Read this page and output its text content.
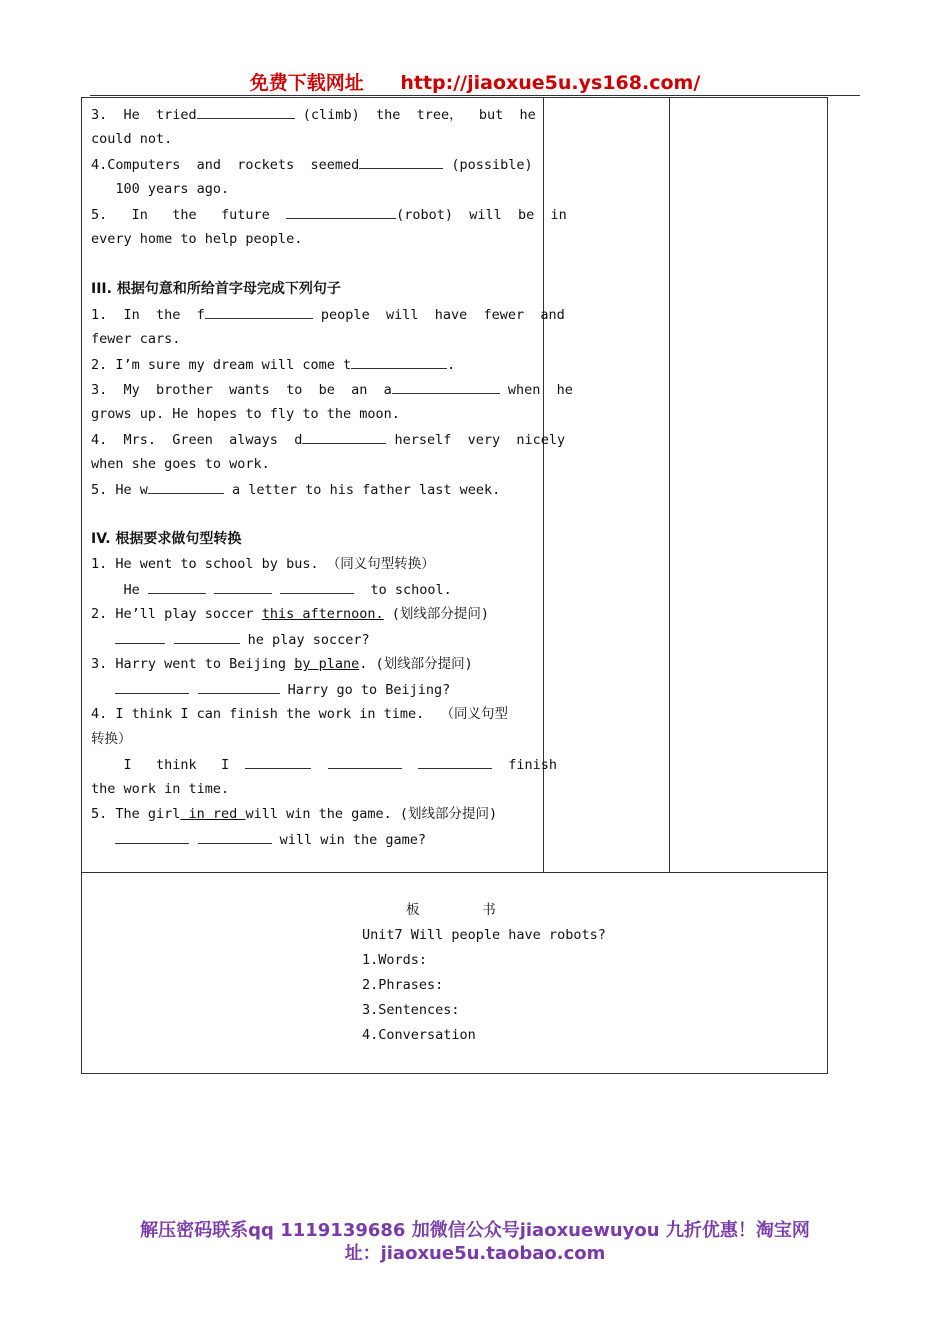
免费下载网址 http://jiaoxue5u.ys168.com/
3.  He  tried	(climb)  the  tree，  but  he
could not.
4.Computers  and  rockets  seemed	(possible)
100 years ago.
5.   In   the   future	(robot)  will  be  in
every home to help people.
III. 根据句意和所给首字母完成下列句子
1.  In  the  f	people  will  have  fewer  and
fewer cars.
2. I’m sure my dream will come t	.
3.  My  brother  wants  to  be  an  a	when  he
grows up. He hopes to fly to the moon.
4.  Mrs.  Green  always  d	herself  very  nicely
when she goes to work.
5. He w	a letter to his father last week.
IV. 根据要求做句型转换
1. He went to school by bus. （同义句型转换）
He	to school.
2. He’ll play soccer this afternoon. (划线部分提问)
he play soccer?
3. Harry went to Beijing by plane. (划线部分提问)
Harry go to Beijing?
4. I think I can finish the work in time.  （同义句型
转换）
I   think   I	finish
the work in time.
5. The girl in red will win the game. (划线部分提问)
will win the game?
板      书
Unit7 Will people have robots?
1.Words:
2.Phrases:
3.Sentences:
4.Conversation
解压密码联系qq 1119139686 加微信公众号jiaoxuewuyou 九折优惠！淘宝网
址：jiaoxue5u.taobao.com
